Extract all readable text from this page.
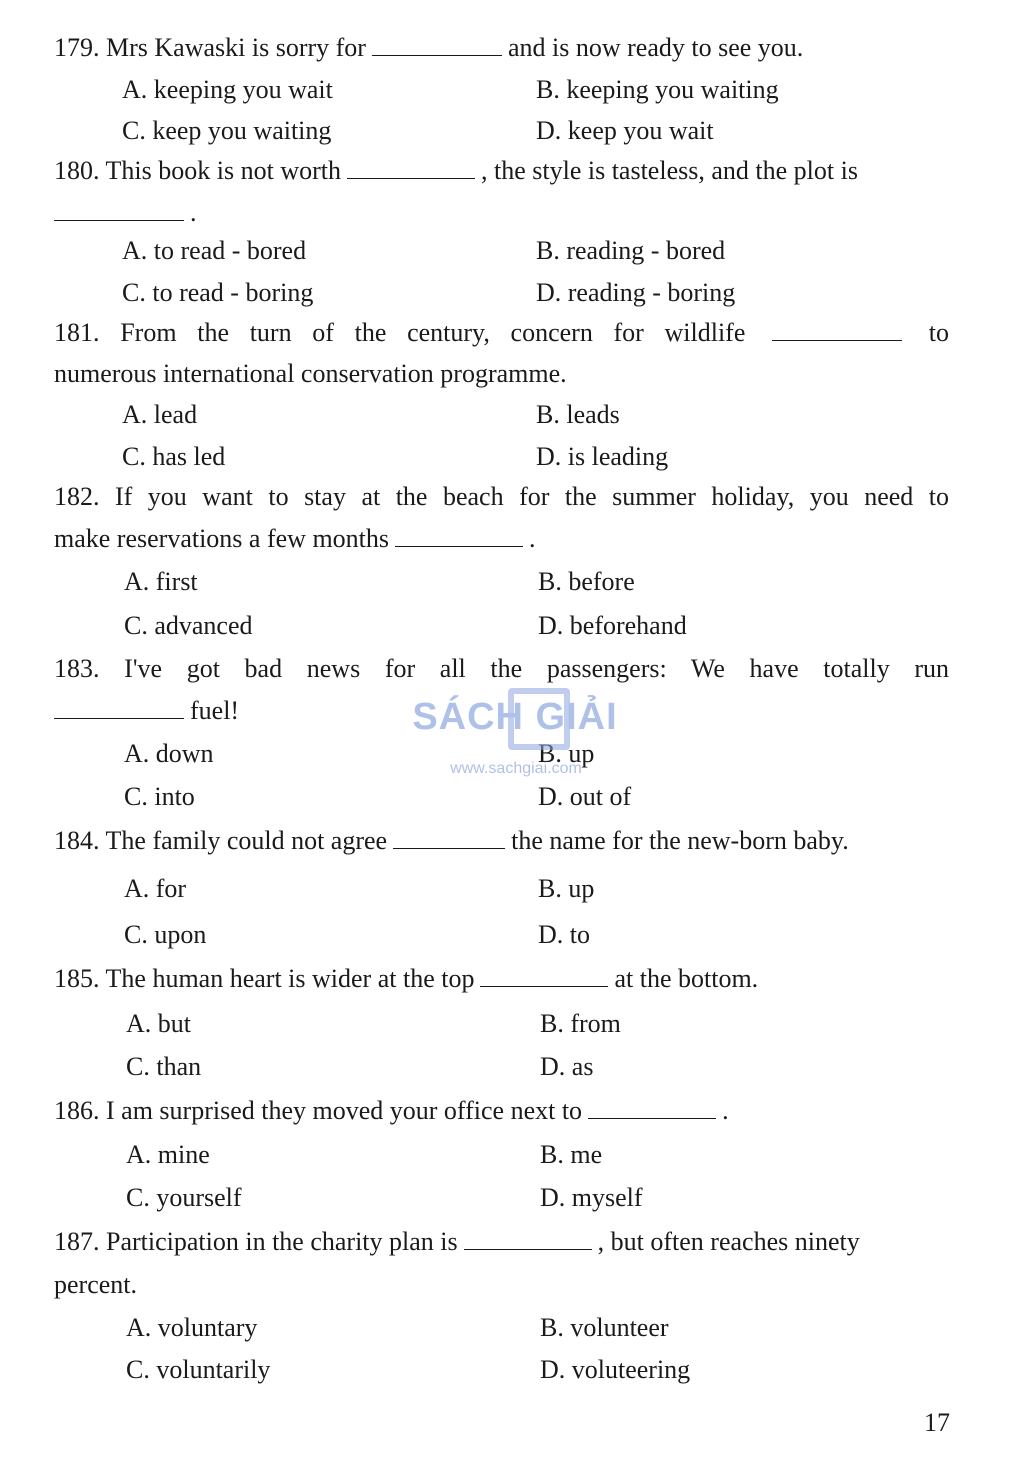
179. Mrs Kawaski is sorry for	and is now ready to see you.
A. keeping you wait	B. keeping you waiting
C. keep you waiting	D. keep you wait
180. This book is not worth	, the style is tasteless, and the plot is
.
A. to read - bored	B. reading - bored
C. to read - boring	D. reading - boring
181. From the turn of the century, concern for wildlife	to
numerous international conservation programme.
A. lead	B. leads
C. has led	D. is leading
182. If you want to stay at the beach for the summer holiday, you need to
make reservations a few months	.
A. first	B. before
C. advanced	D. beforehand
183. I've got bad news for all the passengers: We have totally run
fuel!
A. down	B. up
C. into	D. out of
184. The family could not agree	the name for the new-born baby.
A. for	B. up
C. upon	D. to
185. The human heart is wider at the top	at the bottom.
A. but	B. from
C. than	D. as
186. I am surprised they moved your office next to	.
A. mine	B. me
C. yourself	D. myself
187. Participation in the charity plan is	, but often reaches ninety
percent.
A. voluntary	B. volunteer
C. voluntarily	D. voluteering
17
SÁCH GIẢI
www.sachgiai.com
